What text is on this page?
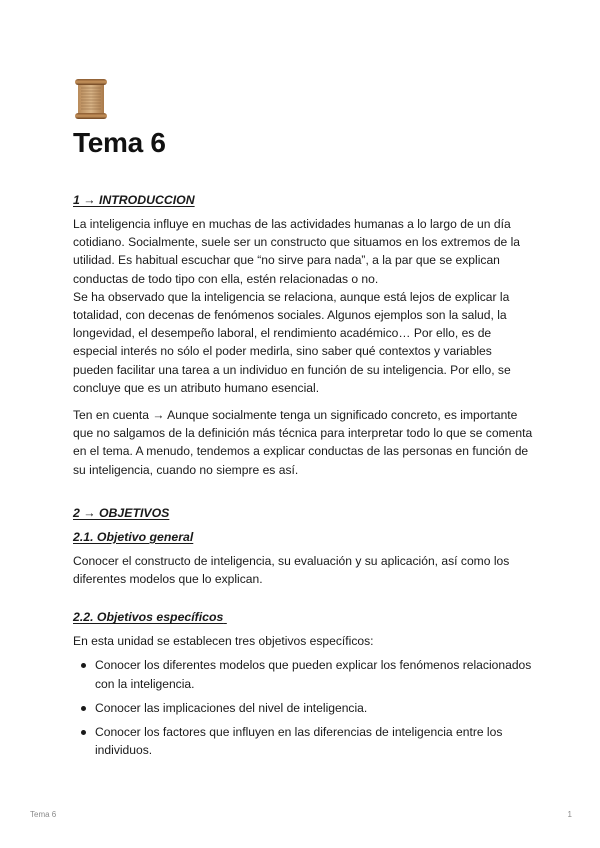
Tema 6
1 → INTRODUCCION

La inteligencia influye en muchas de las actividades humanas a lo largo de un día cotidiano. Socialmente, suele ser un constructo que situamos en los extremos de la utilidad. Es habitual escuchar que “no sirve para nada”, a la par que se explican conductas de todo tipo con ella, estén relacionadas o no.

Se ha observado que la inteligencia se relaciona, aunque está lejos de explicar la totalidad, con decenas de fenómenos sociales. Algunos ejemplos son la salud, la longevidad, el desempeño laboral, el rendimiento académico… Por ello, es de especial interés no sólo el poder medirla, sino saber qué contextos y variables pueden facilitar una tarea a un individuo en función de su inteligencia. Por ello, se concluye que es un atributo humano esencial.

Ten en cuenta → Aunque socialmente tenga un significado concreto, es importante que no salgamos de la definición más técnica para interpretar todo lo que se comenta en el tema. A menudo, tendemos a explicar conductas de las personas en función de su inteligencia, cuando no siempre es así.

2 → OBJETIVOS
2.1. Objetivo general

Conocer el constructo de inteligencia, su evaluación y su aplicación, así como los diferentes modelos que lo explican.

2.2. Objetivos específicos

En esta unidad se establecen tres objetivos específicos:

Conocer los diferentes modelos que pueden explicar los fenómenos relacionados con la inteligencia.
Conocer las implicaciones del nivel de inteligencia.
Conocer los factores que influyen en las diferencias de inteligencia entre los individuos.
Tema 6	1
